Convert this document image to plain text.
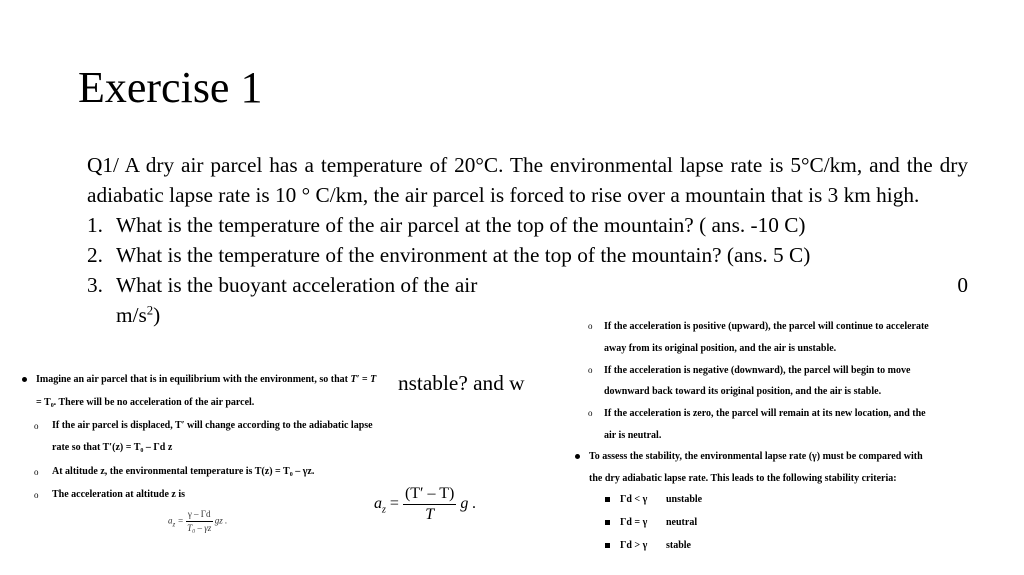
Exercise 1
Q1/ A dry air parcel has a temperature of 20°C. The environmental lapse rate is 5°C/km, and the dry adiabatic lapse rate is 10 ° C/km, the air parcel is forced to rise over a mountain that is 3 km high.
1. What is the temperature of the air parcel at the top of the mountain? ( ans. -10 C)
2. What is the temperature of the environment at the top of the mountain? (ans. 5 C)
3. What is the buoyant acceleration of the air	0

$m/s^2$)
nstable? and w
Imagine an air parcel that is in equilibrium with the environment, so that T′ = T
= T₀. There will be no acceleration of the air parcel.
o If the air parcel is displaced, T′ will change according to the adiabatic lapse
rate so that T′(z) = T₀ – Γd z
o At altitude z, the environmental temperature is T(z) = T₀ – γz.
o The acceleration at altitude z is
$a_z = \frac{\gamma - \Gamma d}{\text{T₀ – γz}}$ gz .
$a_z = \frac{(T' - T)}{T}$ g .
o If the acceleration is positive (upward), the parcel will continue to accelerate
away from its original position, and the air is unstable.
o If the acceleration is negative (downward), the parcel will begin to move
downward back toward its original position, and the air is stable.
o If the acceleration is zero, the parcel will remain at its new location, and the
air is neutral.
To assess the stability, the environmental lapse rate (γ) must be compared with
the dry adiabatic lapse rate. This leads to the following stability criteria:
Γd < γ unstable
Γd = γ neutral
Γd > γ stable
